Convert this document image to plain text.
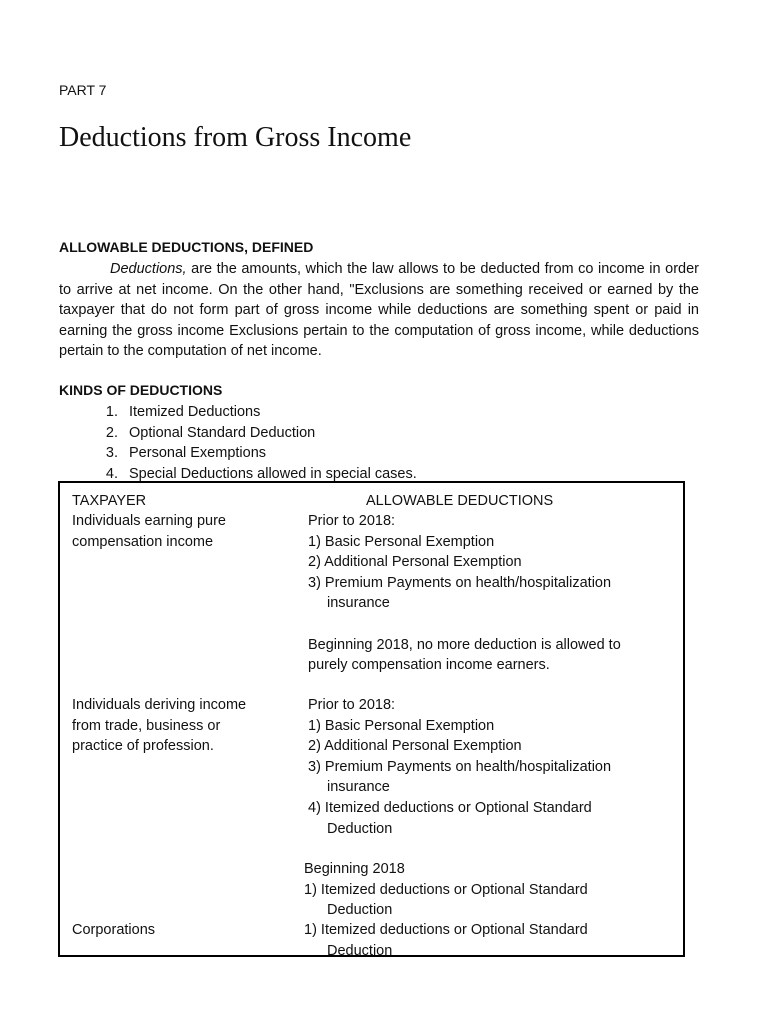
PART 7
Deductions from Gross Income
ALLOWABLE DEDUCTIONS, DEFINED

Deductions, are the amounts, which the law allows to be deducted from co income in order to arrive at net income. On the other hand, "Exclusions are something received or earned by the taxpayer that do not form part of gross income while deductions are something spent or paid in earning the gross income Exclusions pertain to the computation of gross income, while deductions pertain to the computation of net income.

KINDS OF DEDUCTIONS
1. Itemized Deductions
2. Optional Standard Deduction
3. Personal Exemptions
4. Special Deductions allowed in special cases.
TAXPAYER	ALLOWABLE DEDUCTIONS
Individuals earning pure
compensation income
Prior to 2018:
1) Basic Personal Exemption
2) Additional Personal Exemption
3) Premium Payments on health/hospitalization
insurance

Beginning 2018, no more deduction is allowed to
purely compensation income earners.
Individuals deriving income
from trade, business or
practice of profession.
Prior to 2018:
1) Basic Personal Exemption
2) Additional Personal Exemption
3) Premium Payments on health/hospitalization
insurance
4) Itemized deductions or Optional Standard
Deduction
Beginning 2018
1) Itemized deductions or Optional Standard
Deduction
Corporations	1) Itemized deductions or Optional Standard
Deduction
